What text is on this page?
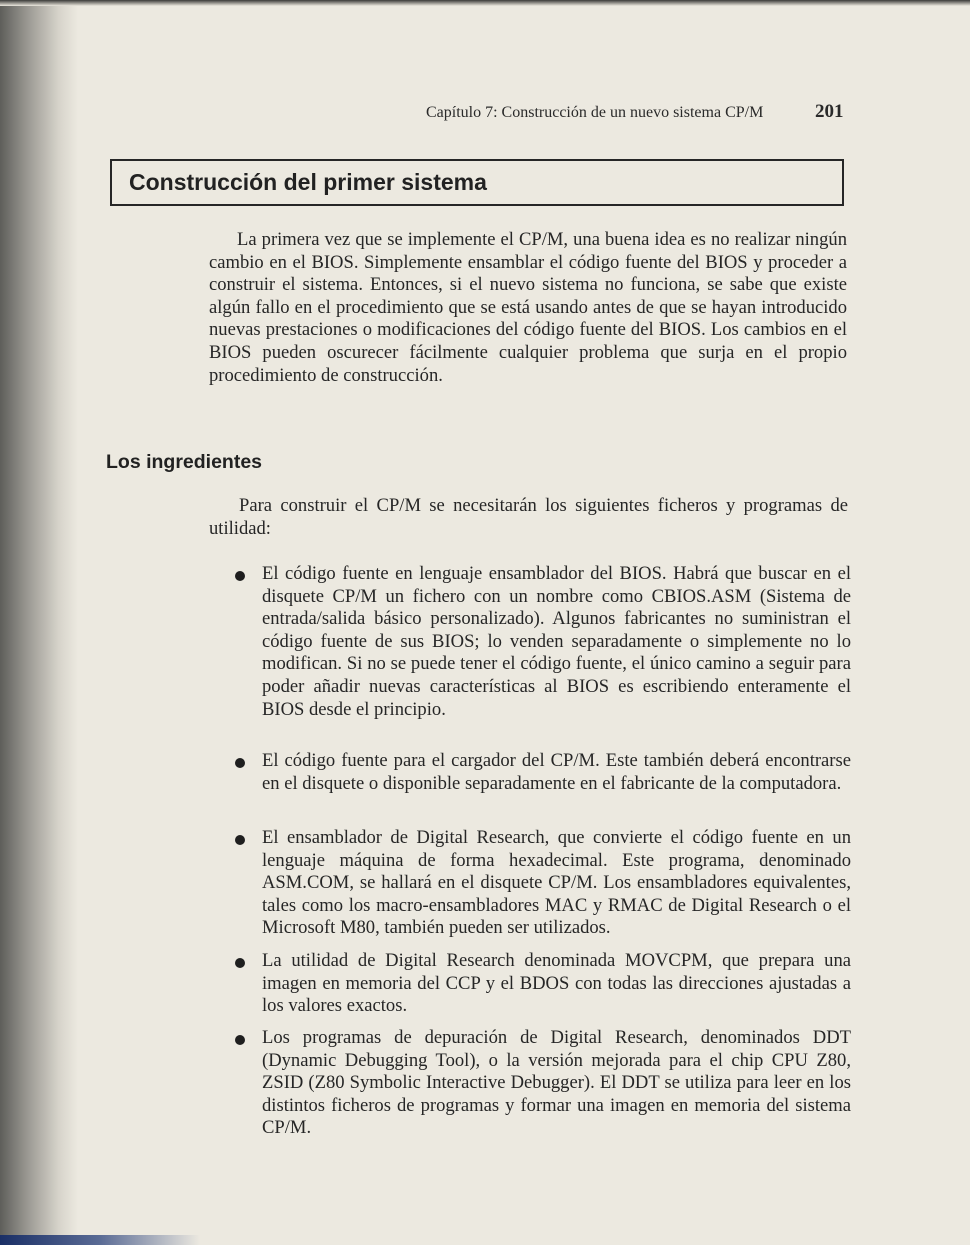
Capítulo 7: Construcción de un nuevo sistema CP/M	201
Construcción del primer sistema

La primera vez que se implemente el CP/M, una buena idea es no realizar ningún cambio en el BIOS. Simplemente ensamblar el código fuente del BIOS y proceder a construir el sistema. Entonces, si el nuevo sistema no funciona, se sabe que existe algún fallo en el procedimiento que se está usando antes de que se hayan introducido nuevas prestaciones o modificaciones del código fuente del BIOS. Los cambios en el BIOS pueden oscurecer fácilmente cualquier problema que surja en el propio procedimiento de construcción.

Los ingredientes

Para construir el CP/M se necesitarán los siguientes ficheros y programas de utilidad:

El código fuente en lenguaje ensamblador del BIOS. Habrá que buscar en el disquete CP/M un fichero con un nombre como CBIOS.ASM (Sistema de entrada/salida básico personalizado). Algunos fabricantes no suministran el código fuente de sus BIOS; lo venden separadamente o simplemente no lo modifican. Si no se puede tener el código fuente, el único camino a seguir para poder añadir nuevas características al BIOS es escribiendo enteramente el BIOS desde el principio.

El código fuente para el cargador del CP/M. Este también deberá encontrarse en el disquete o disponible separadamente en el fabricante de la computadora.

El ensamblador de Digital Research, que convierte el código fuente en un lenguaje máquina de forma hexadecimal. Este programa, denominado ASM.COM, se hallará en el disquete CP/M. Los ensambladores equivalentes, tales como los macro-ensambladores MAC y RMAC de Digital Research o el Microsoft M80, también pueden ser utilizados.

La utilidad de Digital Research denominada MOVCPM, que prepara una imagen en memoria del CCP y el BDOS con todas las direcciones ajustadas a los valores exactos.

Los programas de depuración de Digital Research, denominados DDT (Dynamic Debugging Tool), o la versión mejorada para el chip CPU Z80, ZSID (Z80 Symbolic Interactive Debugger). El DDT se utiliza para leer en los distintos ficheros de programas y formar una imagen en memoria del sistema CP/M.
